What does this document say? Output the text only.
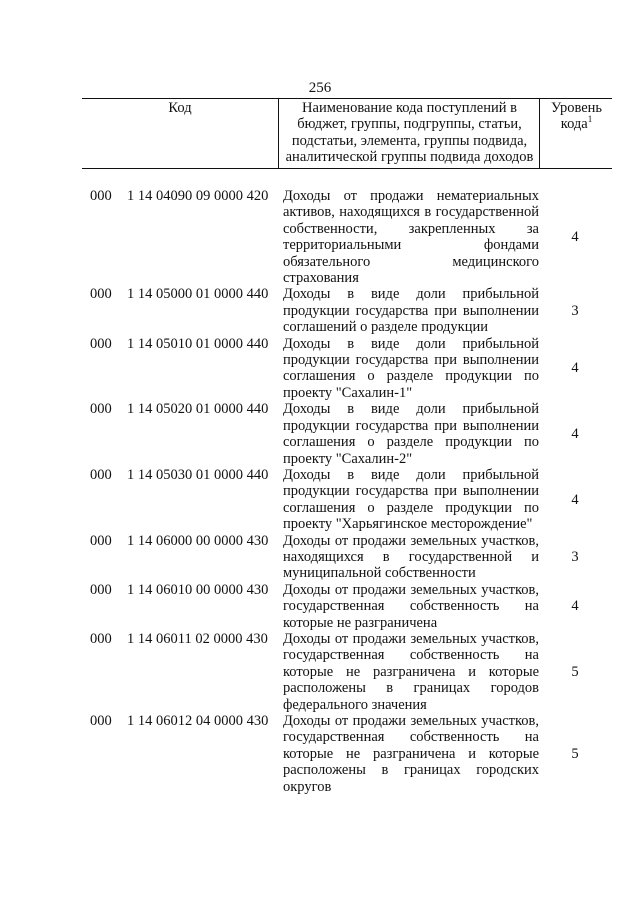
256
Код	Наименование кода поступлений в бюджет, группы, подгруппы, статьи, подстатьи, элемента, группы подвида, аналитической группы подвида доходов
Уровень кода$^1$
000 1 14 04090 09 0000 420 Доходы от продажи нематериальных активов, находящихся в государственной собственности, закрепленных за территориальными фондами обязательного медицинского страхования
4
000 1 14 05000 01 0000 440 Доходы в виде доли прибыльной продукции государства при выполнении соглашений о разделе продукции
3
000 1 14 05010 01 0000 440 Доходы в виде доли прибыльной продукции государства при выполнении соглашения о разделе продукции по проекту "Сахалин-1"
4
000 1 14 05020 01 0000 440 Доходы в виде доли прибыльной продукции государства при выполнении соглашения о разделе продукции по проекту "Сахалин-2"
4
000 1 14 05030 01 0000 440 Доходы в виде доли прибыльной продукции государства при выполнении соглашения о разделе продукции по проекту "Харьягинское месторождение"
4
000 1 14 06000 00 0000 430 Доходы от продажи земельных участков, находящихся в государственной и муниципальной собственности
3
000 1 14 06010 00 0000 430 Доходы от продажи земельных участков, государственная собственность на которые не разграничена
4
000 1 14 06011 02 0000 430 Доходы от продажи земельных участков, государственная собственность на которые не разграничена и которые расположены в границах городов федерального значения
5
000 1 14 06012 04 0000 430 Доходы от продажи земельных участков, государственная собственность на которые не разграничена и которые расположены в границах городских округов
5
